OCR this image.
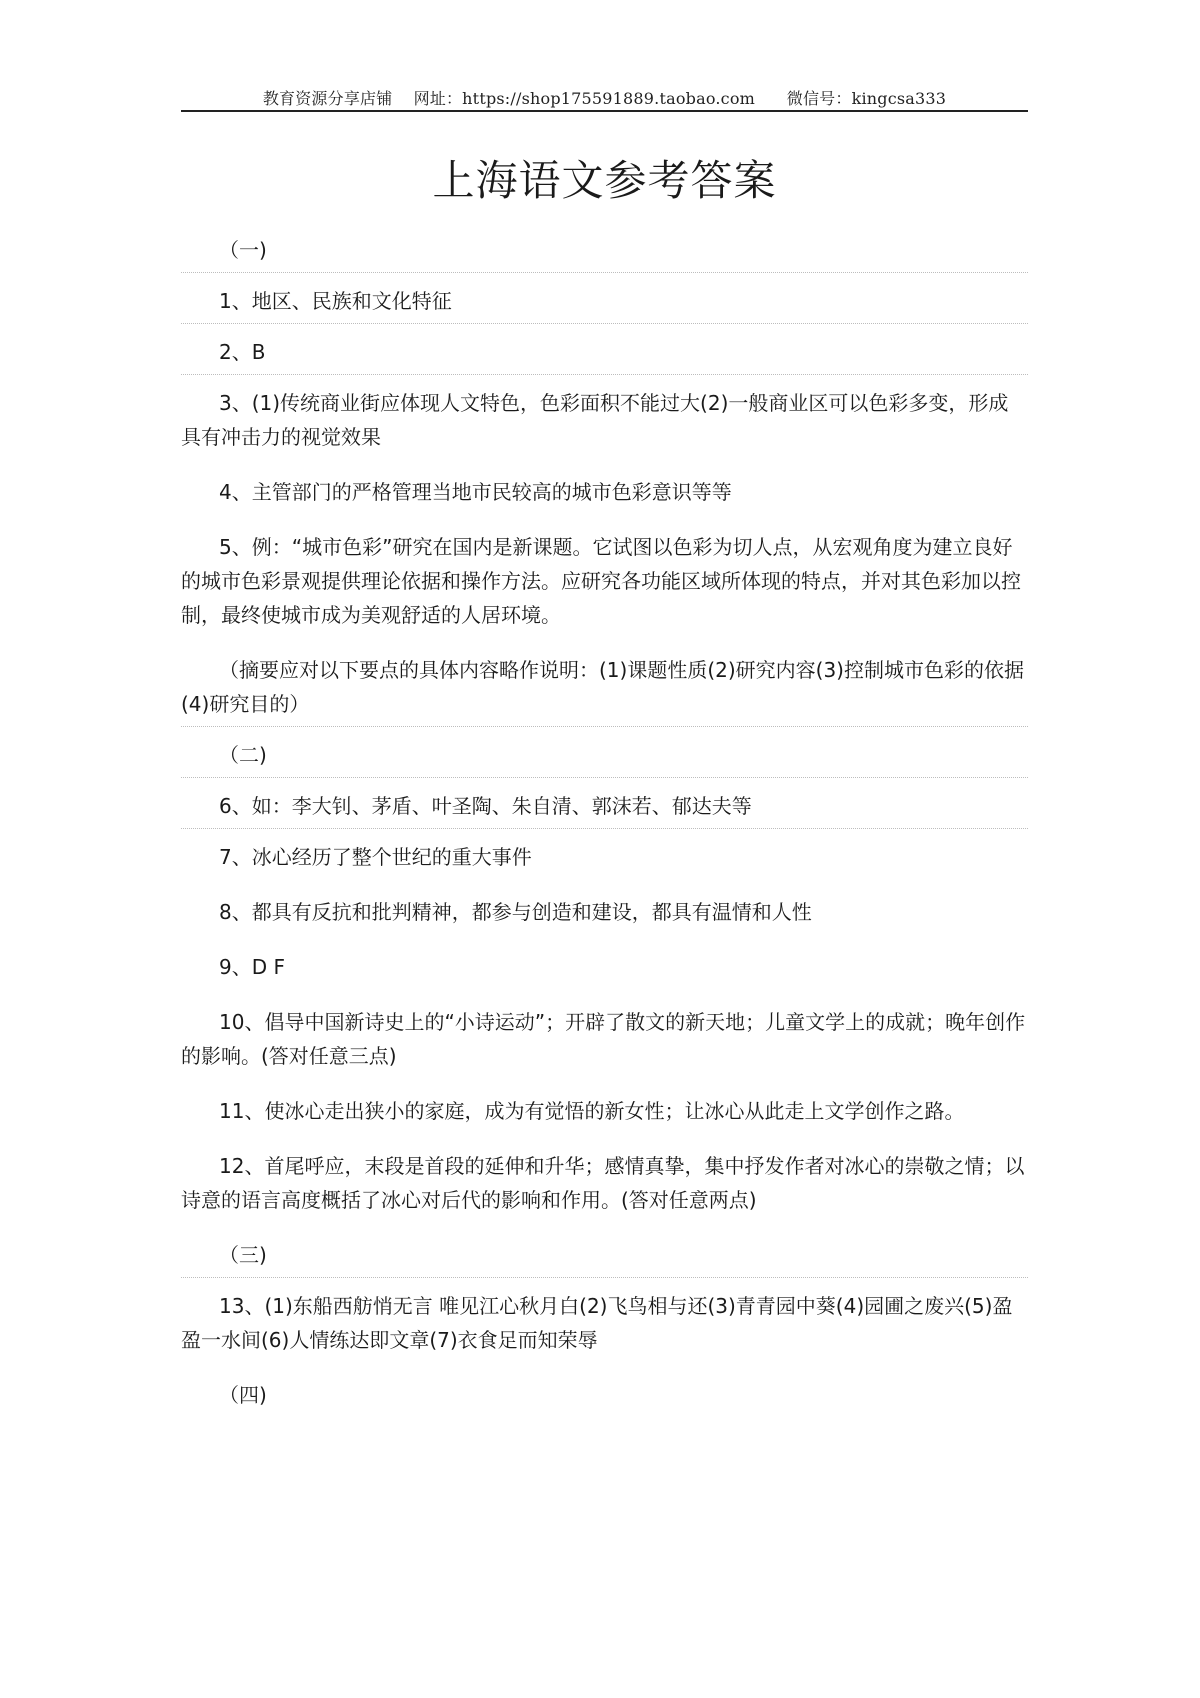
教育资源分享店铺 网址：https://shop175591889.taobao.com 微信号：kingcsa333
上海语文参考答案

（一)

1、地区、民族和文化特征

2、B

3、(1)传统商业街应体现人文特色，色彩面积不能过大(2)一般商业区可以色彩多变，形成具有冲击力的视觉效果

4、主管部门的严格管理当地市民较高的城市色彩意识等等

5、例：“城市色彩”研究在国内是新课题。它试图以色彩为切人点，从宏观角度为建立良好的城市色彩景观提供理论依据和操作方法。应研究各功能区域所体现的特点，并对其色彩加以控制，最终使城市成为美观舒适的人居环境。

（摘要应对以下要点的具体内容略作说明：(1)课题性质(2)研究内容(3)控制城市色彩的依据(4)研究目的）

（二)

6、如：李大钊、茅盾、叶圣陶、朱自清、郭沫若、郁达夫等

7、冰心经历了整个世纪的重大事件

8、都具有反抗和批判精神，都参与创造和建设，都具有温情和人性

9、D F

10、倡导中国新诗史上的“小诗运动”；开辟了散文的新天地；儿童文学上的成就；晚年创作的影响。(答对任意三点)

11、使冰心走出狭小的家庭，成为有觉悟的新女性；让冰心从此走上文学创作之路。

12、首尾呼应，末段是首段的延伸和升华；感情真挚，集中抒发作者对冰心的崇敬之情；以诗意的语言高度概括了冰心对后代的影响和作用。(答对任意两点)

（三)

13、(1)东船西舫悄无言 唯见江心秋月白(2)飞鸟相与还(3)青青园中葵(4)园圃之废兴(5)盈盈一水间(6)人情练达即文章(7)衣食足而知荣辱

（四)
